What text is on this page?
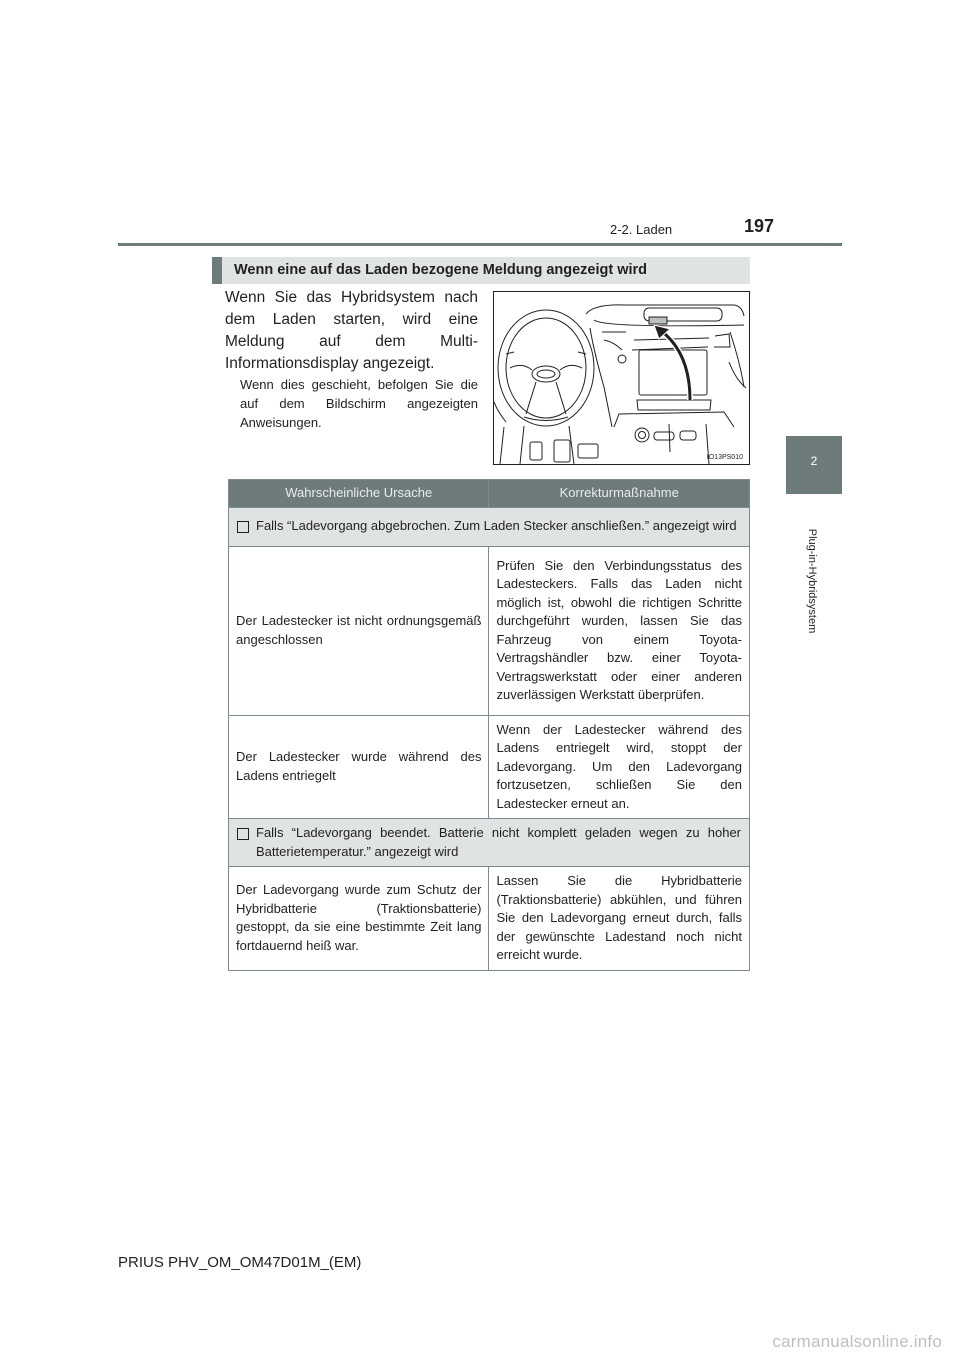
2-2. Laden	197
2
Plug-in-Hybridsystem
Wenn eine auf das Laden bezogene Meldung angezeigt wird
Wenn Sie das Hybridsystem nach dem Laden starten, wird eine Meldung auf dem Multi-Informationsdisplay angezeigt.
Wenn dies geschieht, befolgen Sie die auf dem Bildschirm angezeigten Anweisungen.
IO13PS010
Wahrscheinliche Ursache	Korrekturmaßnahme

Falls “Ladevorgang abgebrochen. Zum Laden Stecker anschließen.” angezeigt wird	

Der Ladestecker ist nicht ordnungsgemäß angeschlossen	Prüfen Sie den Verbindungsstatus des Ladesteckers. Falls das Laden nicht möglich ist, obwohl die richtigen Schritte durchgeführt wurden, lassen Sie das Fahrzeug von einem Toyota-Vertragshändler bzw. einer Toyota-Vertragswerkstatt oder einer anderen zuverlässigen Werkstatt überprüfen.
Der Ladestecker wurde während des Ladens entriegelt	Wenn der Ladestecker während des Ladens entriegelt wird, stoppt der Ladevorgang. Um den Ladevorgang fortzusetzen, schließen Sie den Ladestecker erneut an.

Falls “Ladevorgang beendet. Batterie nicht komplett geladen wegen zu hoher Batterietemperatur.” angezeigt wird	

Der Ladevorgang wurde zum Schutz der Hybridbatterie (Traktionsbatterie) gestoppt, da sie eine bestimmte Zeit lang fortdauernd heiß war.	Lassen Sie die Hybridbatterie (Traktionsbatterie) abkühlen, und führen Sie den Ladevorgang erneut durch, falls der gewünschte Ladestand noch nicht erreicht wurde.
PRIUS PHV_OM_OM47D01M_(EM)
carmanualsonline.info
